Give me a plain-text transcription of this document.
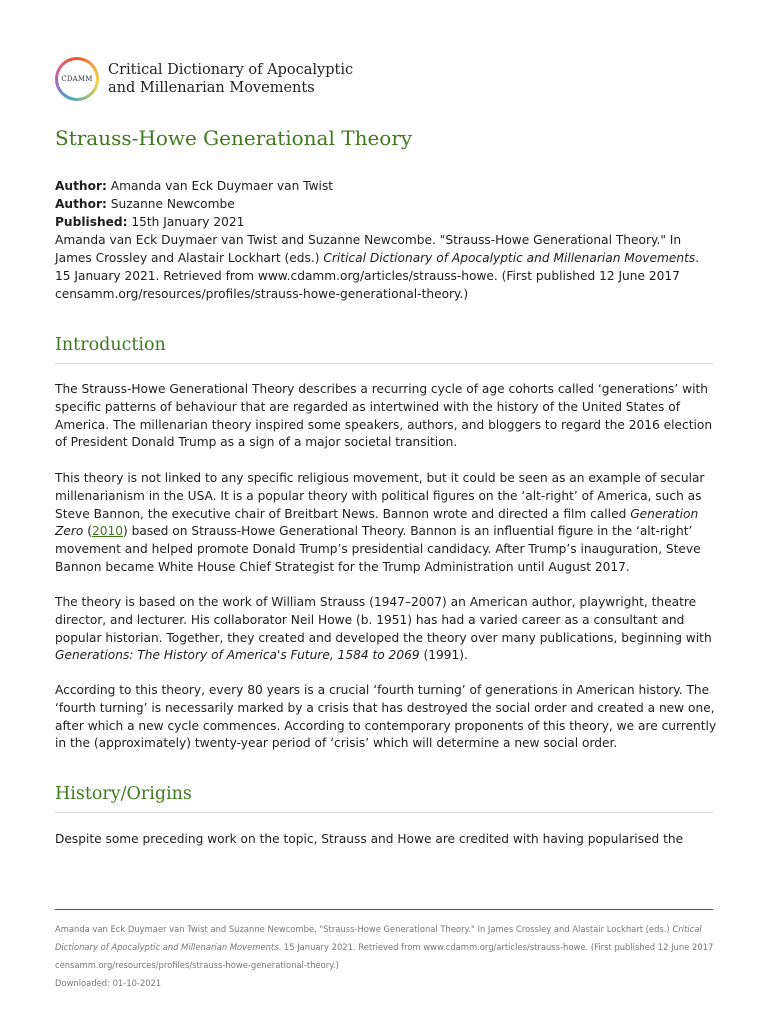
CDAMM
Critical Dictionary of Apocalyptic
and Millenarian Movements
Strauss-Howe Generational Theory

Author: Amanda van Eck Duymaer van Twist

Author: Suzanne Newcombe

Published: 15th January 2021

Amanda van Eck Duymaer van Twist and Suzanne Newcombe. "Strauss-Howe Generational Theory." In James Crossley and Alastair Lockhart (eds.) Critical Dictionary of Apocalyptic and Millenarian Movements. 15 January 2021. Retrieved from www.cdamm.org/articles/strauss-howe. (First published 12 June 2017 censamm.org/resources/profiles/strauss-howe-generational-theory.)

Introduction

The Strauss-Howe Generational Theory describes a recurring cycle of age cohorts called ‘generations’ with specific patterns of behaviour that are regarded as intertwined with the history of the United States of America. The millenarian theory inspired some speakers, authors, and bloggers to regard the 2016 election of President Donald Trump as a sign of a major societal transition.

This theory is not linked to any specific religious movement, but it could be seen as an example of secular millenarianism in the USA. It is a popular theory with political figures on the ‘alt-right’ of America, such as Steve Bannon, the executive chair of Breitbart News. Bannon wrote and directed a film called Generation Zero (2010) based on Strauss-Howe Generational Theory. Bannon is an influential figure in the ‘alt-right’ movement and helped promote Donald Trump’s presidential candidacy. After Trump’s inauguration, Steve Bannon became White House Chief Strategist for the Trump Administration until August 2017.

The theory is based on the work of William Strauss (1947–2007) an American author, playwright, theatre director, and lecturer. His collaborator Neil Howe (b. 1951) has had a varied career as a consultant and popular historian. Together, they created and developed the theory over many publications, beginning with Generations: The History of America's Future, 1584 to 2069 (1991).

According to this theory, every 80 years is a crucial ‘fourth turning’ of generations in American history. The ‘fourth turning’ is necessarily marked by a crisis that has destroyed the social order and created a new one, after which a new cycle commences. According to contemporary proponents of this theory, we are currently in the (approximately) twenty-year period of ‘crisis’ which will determine a new social order.

History/Origins

Despite some preceding work on the topic, Strauss and Howe are credited with having popularised the

Amanda van Eck Duymaer van Twist and Suzanne Newcombe. "Strauss-Howe Generational Theory." In James Crossley and Alastair Lockhart (eds.) Critical Dictionary of Apocalyptic and Millenarian Movements. 15 January 2021. Retrieved from www.cdamm.org/articles/strauss-howe. (First published 12 June 2017 censamm.org/resources/profiles/strauss-howe-generational-theory.)

Downloaded: 01-10-2021
